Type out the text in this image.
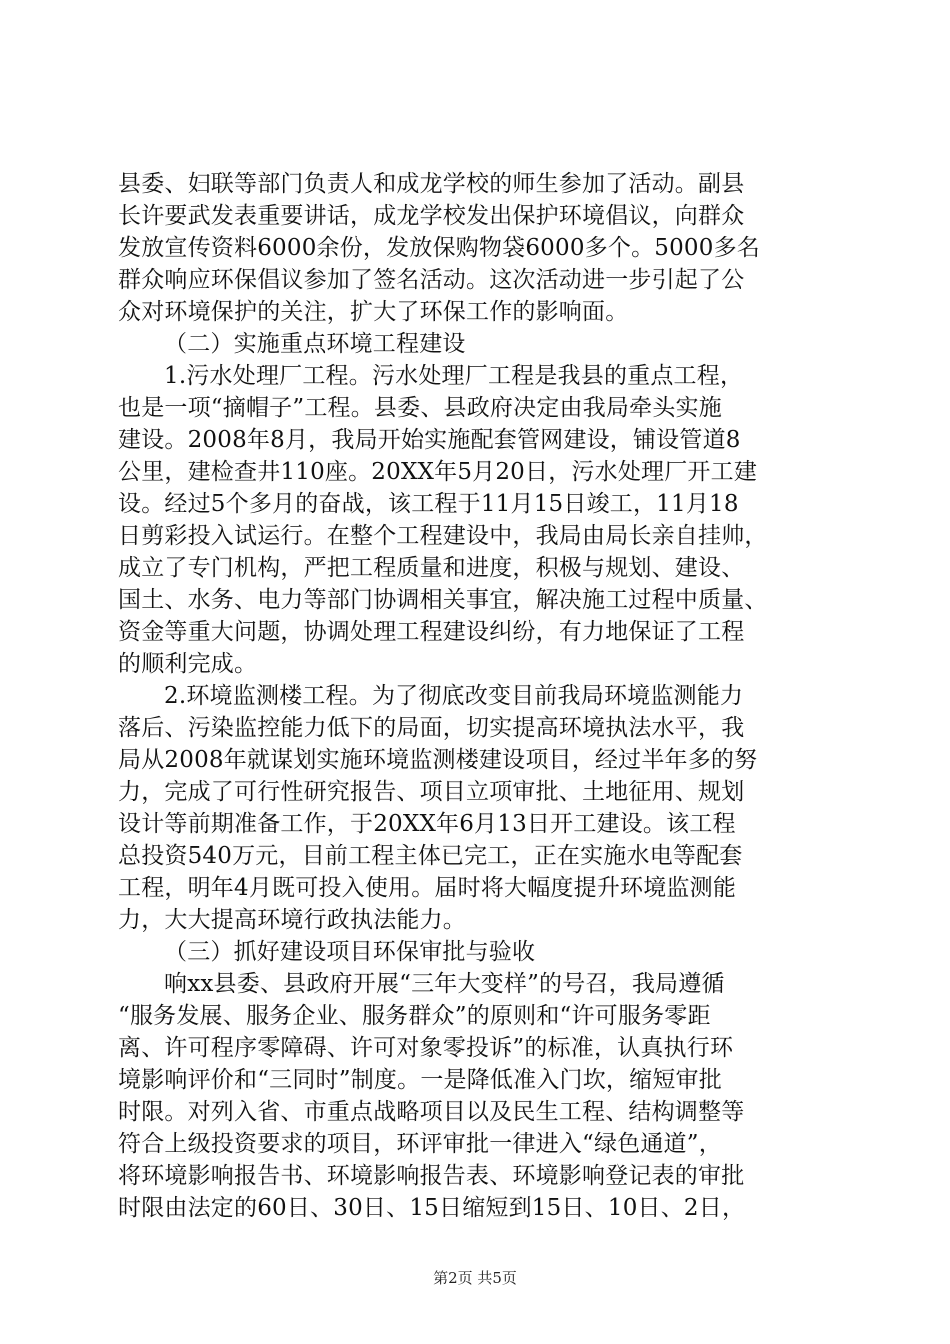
县委、妇联等部门负责人和成龙学校的师生参加了活动。副县
长许要武发表重要讲话，成龙学校发出保护环境倡议，向群众
发放宣传资料6000余份，发放保购物袋6000多个。5000多名
群众响应环保倡议参加了签名活动。这次活动进一步引起了公
众对环境保护的关注，扩大了环保工作的影响面。
（二）实施重点环境工程建设
1.污水处理厂工程。污水处理厂工程是我县的重点工程，
也是一项“摘帽子”工程。县委、县政府决定由我局牵头实施
建设。2008年8月，我局开始实施配套管网建设，铺设管道8
公里，建检查井110座。20XX年5月20日，污水处理厂开工建
设。经过5个多月的奋战，该工程于11月15日竣工，11月18
日剪彩投入试运行。在整个工程建设中，我局由局长亲自挂帅，
成立了专门机构，严把工程质量和进度，积极与规划、建设、
国土、水务、电力等部门协调相关事宜，解决施工过程中质量、
资金等重大问题，协调处理工程建设纠纷，有力地保证了工程
的顺利完成。
2.环境监测楼工程。为了彻底改变目前我局环境监测能力
落后、污染监控能力低下的局面，切实提高环境执法水平，我
局从2008年就谋划实施环境监测楼建设项目，经过半年多的努
力，完成了可行性研究报告、项目立项审批、土地征用、规划
设计等前期准备工作，于20XX年6月13日开工建设。该工程
总投资540万元，目前工程主体已完工，正在实施水电等配套
工程，明年4月既可投入使用。届时将大幅度提升环境监测能
力，大大提高环境行政执法能力。
（三）抓好建设项目环保审批与验收
响xx县委、县政府开展“三年大变样”的号召，我局遵循
“服务发展、服务企业、服务群众”的原则和“许可服务零距
离、许可程序零障碍、许可对象零投诉”的标准，认真执行环
境影响评价和“三同时”制度。一是降低准入门坎，缩短审批
时限。对列入省、市重点战略项目以及民生工程、结构调整等
符合上级投资要求的项目，环评审批一律进入“绿色通道”，
将环境影响报告书、环境影响报告表、环境影响登记表的审批
时限由法定的60日、30日、15日缩短到15日、10日、2日，
第2页 共5页
